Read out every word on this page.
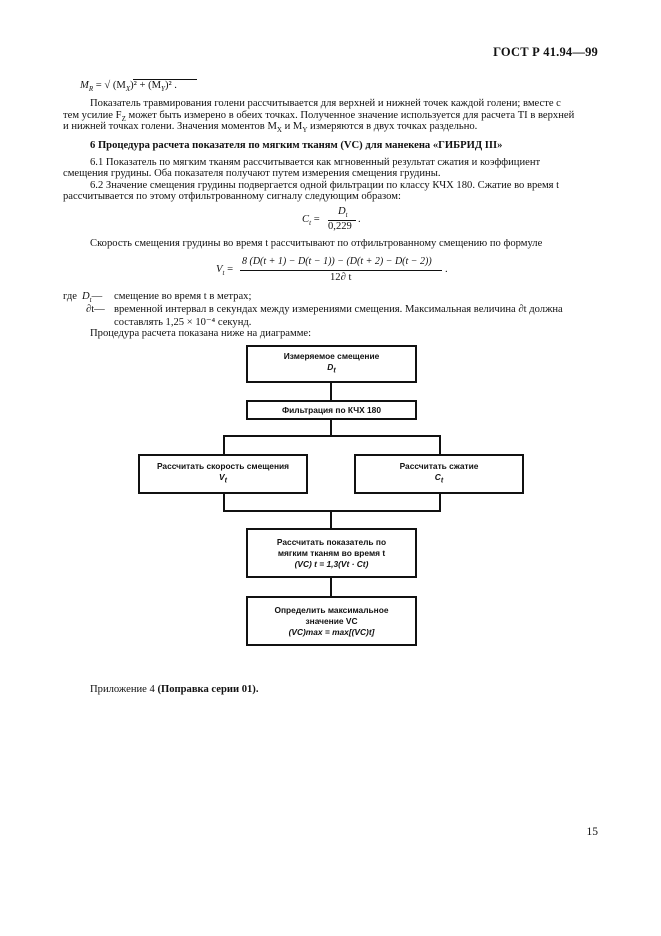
ГОСТ Р 41.94—99
$M_R$ = √ $(M_X)^2 + (M_Y)^2$ .
Показатель травмирования голени рассчитывается для верхней и нижней точек каждой голени; вместе с
тем усилие $F_Z$ может быть измерено в обеих точках. Полученное значение используется для расчета TI в верхней
и нижней точках голени. Значения моментов $M_X$ и $M_Y$ измеряются в двух точках раздельно.
6 Процедура расчета показателя по мягким тканям (VC) для манекена «ГИБРИД III»
6.1 Показатель по мягким тканям рассчитывается как мгновенный результат сжатия и коэффициент
смещения грудины. Оба показателя получают путем измерения смещения грудины.
6.2 Значение смещения грудины подвергается одной фильтрации по классу КЧХ 180. Сжатие во время t
рассчитывается по этому отфильтрованному сигналу следующим образом:
$C_t$ =
$D_t$
0,229
.
Скорость смещения грудины во время t рассчитывают по отфильтрованному смещению по формуле
$V_t$ =
8 (D(t + 1) − D(t − 1)) − (D(t + 2) − D(t − 2))
12∂ t
.
где $D_t—$ смещение во время t в метрах;
∂t— временной интервал в секундах между измерениями смещения. Максимальная величина ∂t должна
составлять 1,25 × 10⁻⁴ секунд.
Процедура расчета показана ниже на диаграмме:
Измеряемое смещение
$D_t$
Фильтрация по КЧХ 180
Рассчитать скорость смещения
$V_t$
Рассчитать сжатие
$C_t$
Рассчитать показатель по
мягким тканям во время t
(VC) t = 1,3(Vt · Ct)
Определить максимальное
значение VC
(VC)max = max[(VC)t]
Приложение 4 (Поправка серии 01).
15
